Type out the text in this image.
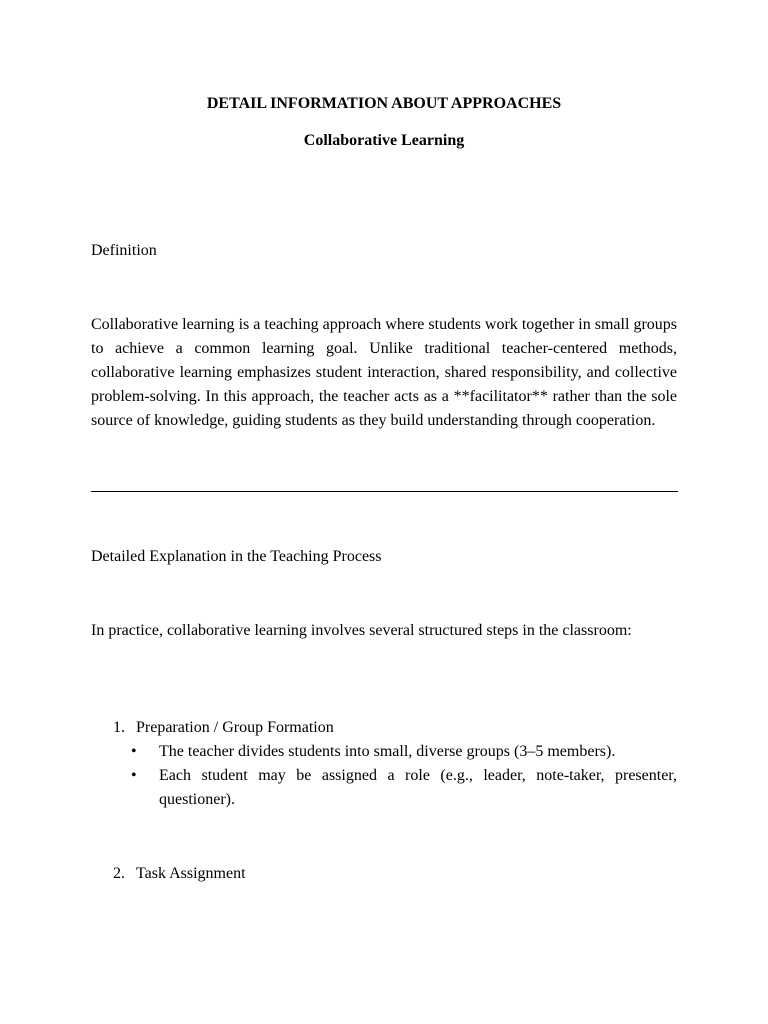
DETAIL INFORMATION ABOUT APPROACHES
Collaborative Learning

Definition

Collaborative learning is a teaching approach where students work together in small groups to achieve a common learning goal. Unlike traditional teacher-centered methods, collaborative learning emphasizes student interaction, shared responsibility, and collective problem-solving. In this approach, the teacher acts as a **facilitator** rather than the sole source of knowledge, guiding students as they build understanding through cooperation.

Detailed Explanation in the Teaching Process

In practice, collaborative learning involves several structured steps in the classroom:

1. Preparation / Group Formation
• The teacher divides students into small, diverse groups (3–5 members).
• Each student may be assigned a role (e.g., leader, note-taker, presenter, questioner).
2. Task Assignment
